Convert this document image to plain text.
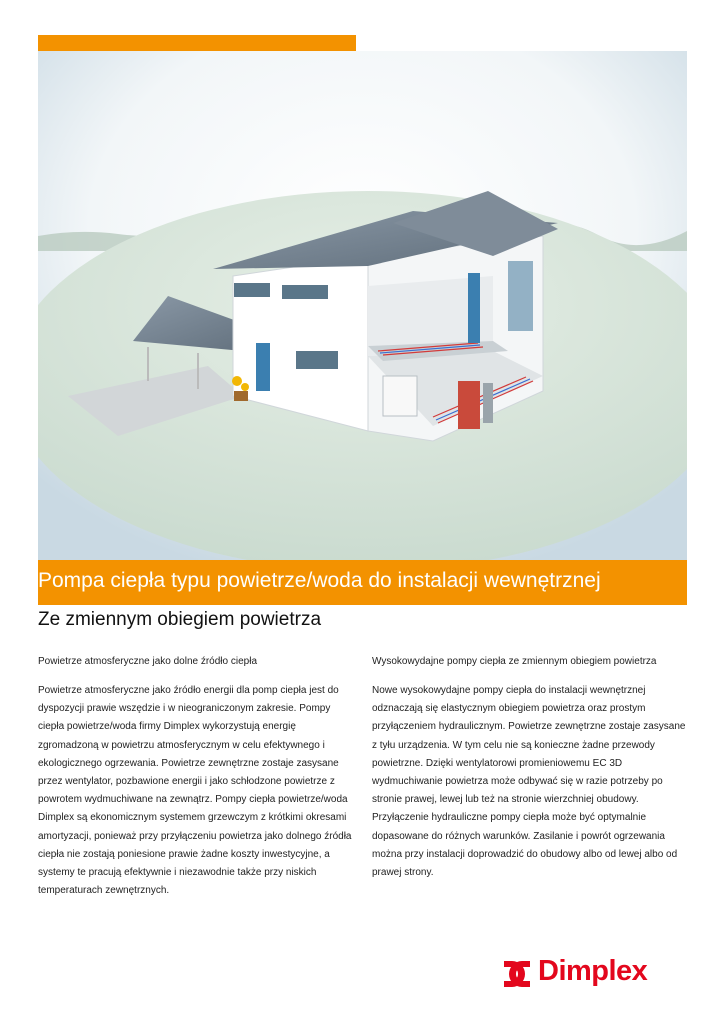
Pompa ciepła typu powietrze/woda do instalacji wewnętrznej
Ze zmiennym obiegiem powietrza
Powietrze atmosferyczne jako dolne źródło ciepła
Powietrze atmosferyczne jako źródło energii dla pomp ciepła jest do
dyspozycji prawie wszędzie i w nieograniczonym zakresie. Pompy
ciepła powietrze/woda firmy Dimplex wykorzystują energię
zgromadzoną w powietrzu atmosferycznym w celu efektywnego i
ekologicznego ogrzewania. Powietrze zewnętrzne zostaje zasysane
przez wentylator, pozbawione energii i jako schłodzone powietrze z
powrotem wydmuchiwane na zewnątrz. Pompy ciepła powietrze/woda
Dimplex są ekonomicznym systemem grzewczym z krótkimi okresami
amortyzacji, ponieważ przy przyłączeniu powietrza jako dolnego źródła
ciepła nie zostają poniesione prawie żadne koszty inwestycyjne, a
systemy te pracują efektywnie i niezawodnie także przy niskich
temperaturach zewnętrznych.
Wysokowydajne pompy ciepła ze zmiennym obiegiem powietrza
Nowe wysokowydajne pompy ciepła do instalacji wewnętrznej
odznaczają się elastycznym obiegiem powietrza oraz prostym
przyłączeniem hydraulicznym. Powietrze zewnętrzne zostaje zasysane
z tyłu urządzenia. W tym celu nie są konieczne żadne przewody
powietrzne. Dzięki wentylatorowi promieniowemu EC 3D
wydmuchiwanie powietrza może odbywać się w razie potrzeby po
stronie prawej, lewej lub też na stronie wierzchniej obudowy.
Przyłączenie hydrauliczne pompy ciepła może być optymalnie
dopasowane do różnych warunków. Zasilanie i powrót ogrzewania
można przy instalacji doprowadzić do obudowy albo od lewej albo od
prawej strony.
Dimplex
